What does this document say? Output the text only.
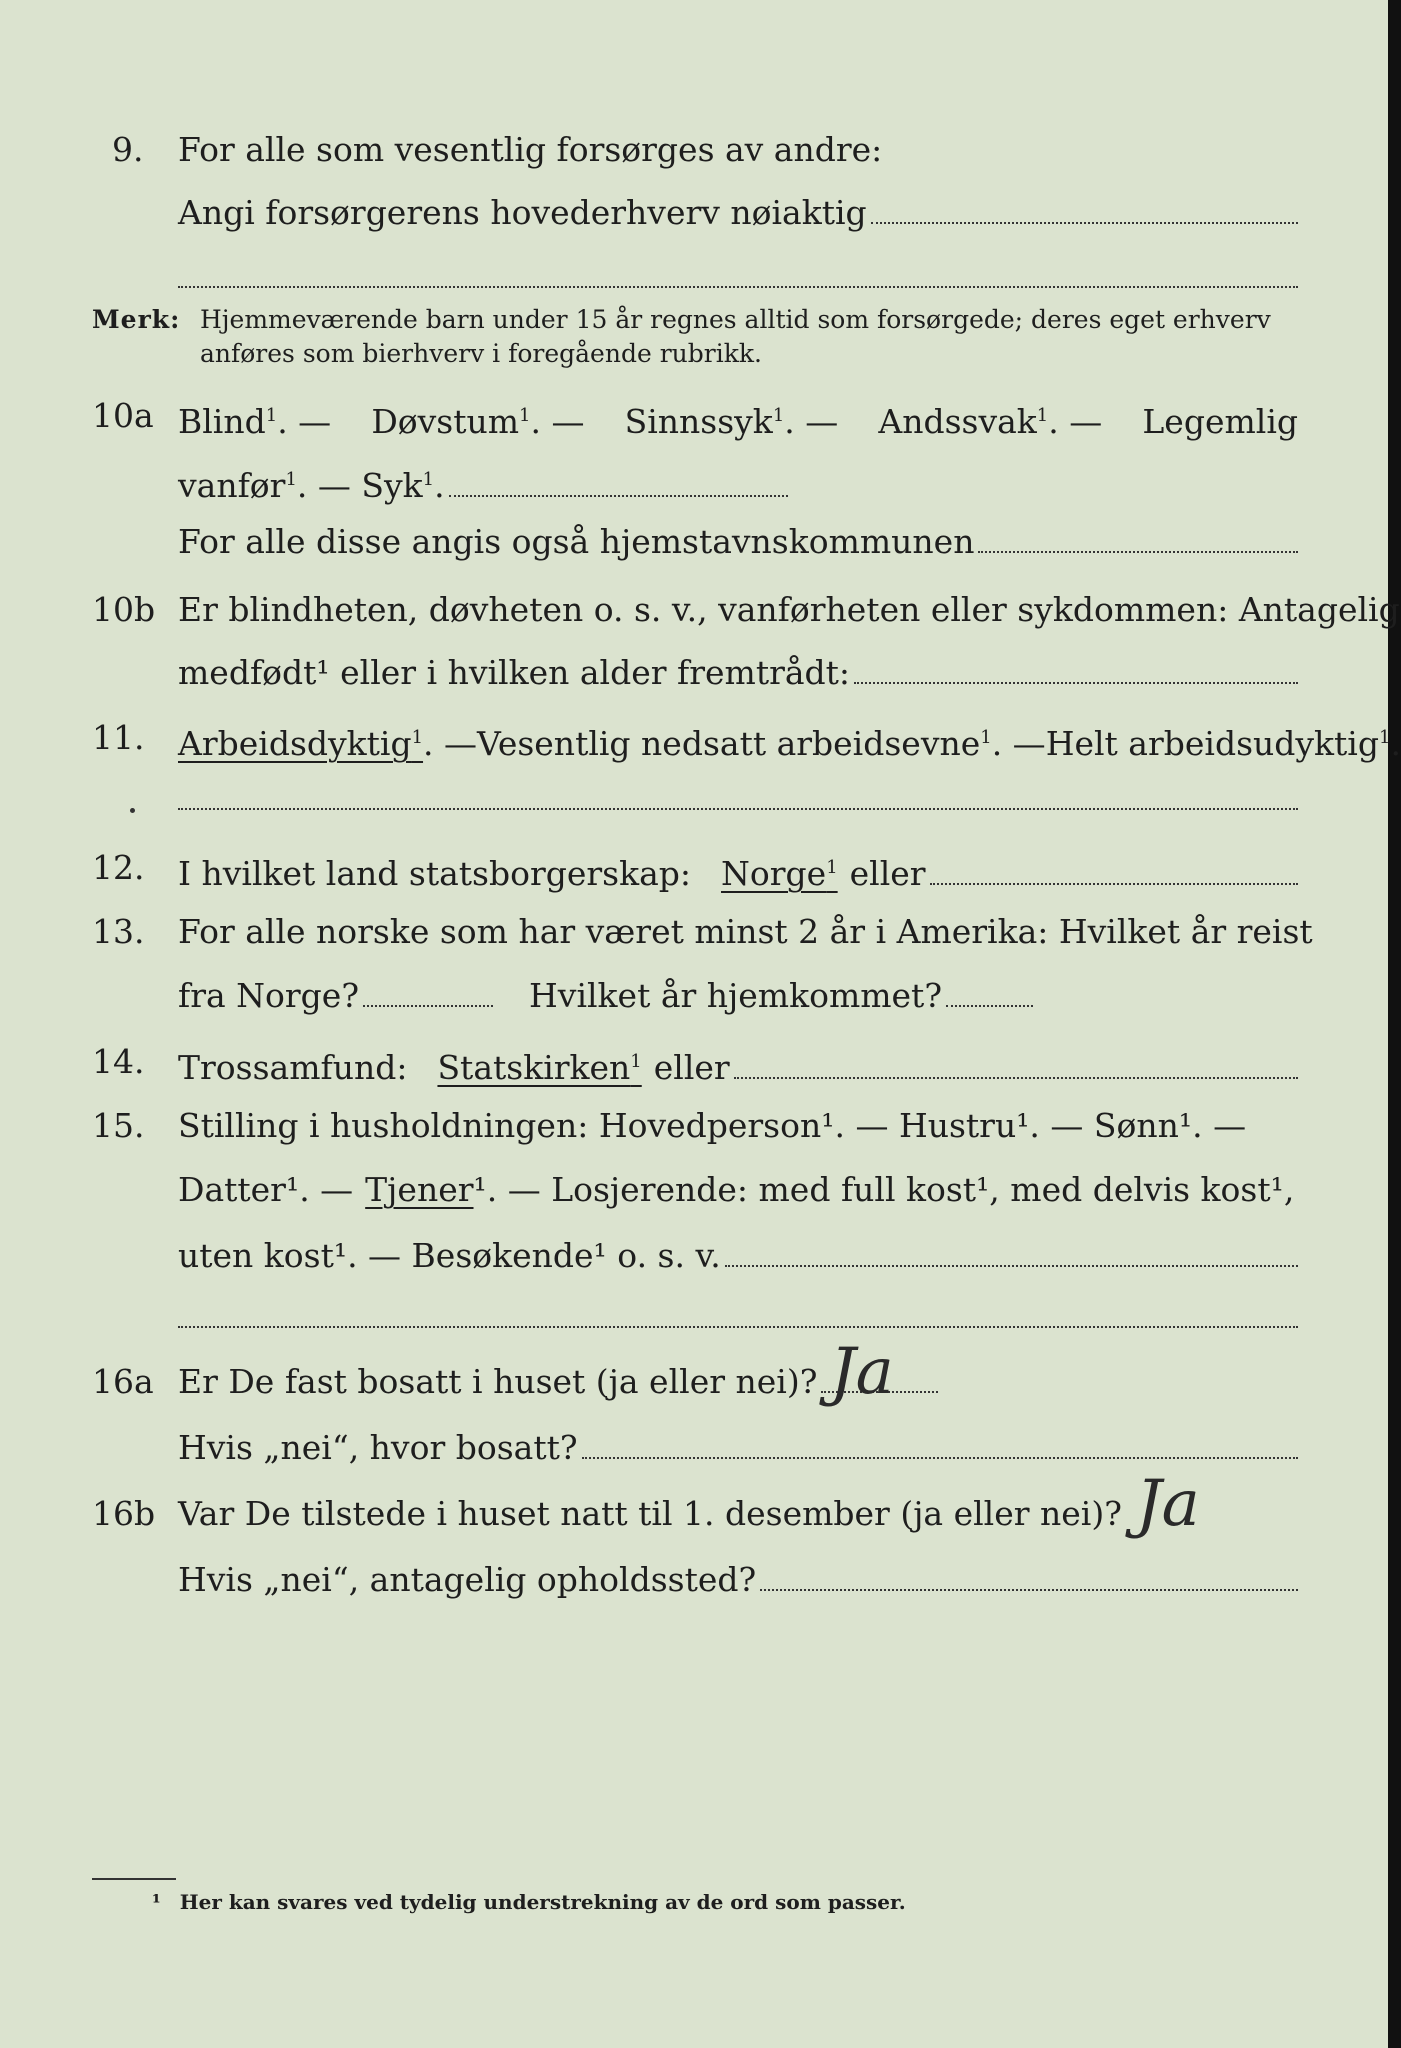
9. For alle som vesentlig forsørges av andre:
Angi forsørgerens hovederhverv nøiaktig
Merk: Hjemmeværende barn under 15 år regnes alltid som forsørgede; deres eget erhverv
anføres som bierhverv i foregående rubrikk.
10a Blind$^1$. — Døvstum$^1$. — Sinnssyk$^1$. — Andssvak$^1$. — Legemlig
vanfør$^1$. — Syk$^1$.
For alle disse angis også hjemstavnskommunen
10b Er blindheten, døvheten o. s. v., vanførheten eller sykdommen: Antagelig
medfødt¹ eller i hvilken alder fremtrådt:
11. Arbeidsdyktig$^1$ . — Vesentlig nedsatt arbeidsevne$^1$ . — Helt arbeidsudyktig$^1$.
12. I hvilket land statsborgerskap: Norge$^1$ eller
13. For alle norske som har været minst 2 år i Amerika: Hvilket år reist
fra Norge?	Hvilket år hjemkommet?
14. Trossamfund: Statskirken$^1$ eller
15. Stilling i husholdningen: Hovedperson¹. — Hustru¹. — Sønn¹. —
Datter¹. — Tjener ¹. — Losjerende: med full kost¹, med delvis kost¹,
uten kost¹. — Besøkende¹ o. s. v.
16a Er De fast bosatt i huset (ja eller nei)? Ja
Hvis „nei“, hvor bosatt?
16b Var De tilstede i huset natt til 1. desember (ja eller nei)? Ja
Hvis „nei“, antagelig opholdssted?
¹ Her kan svares ved tydelig understrekning av de ord som passer.
